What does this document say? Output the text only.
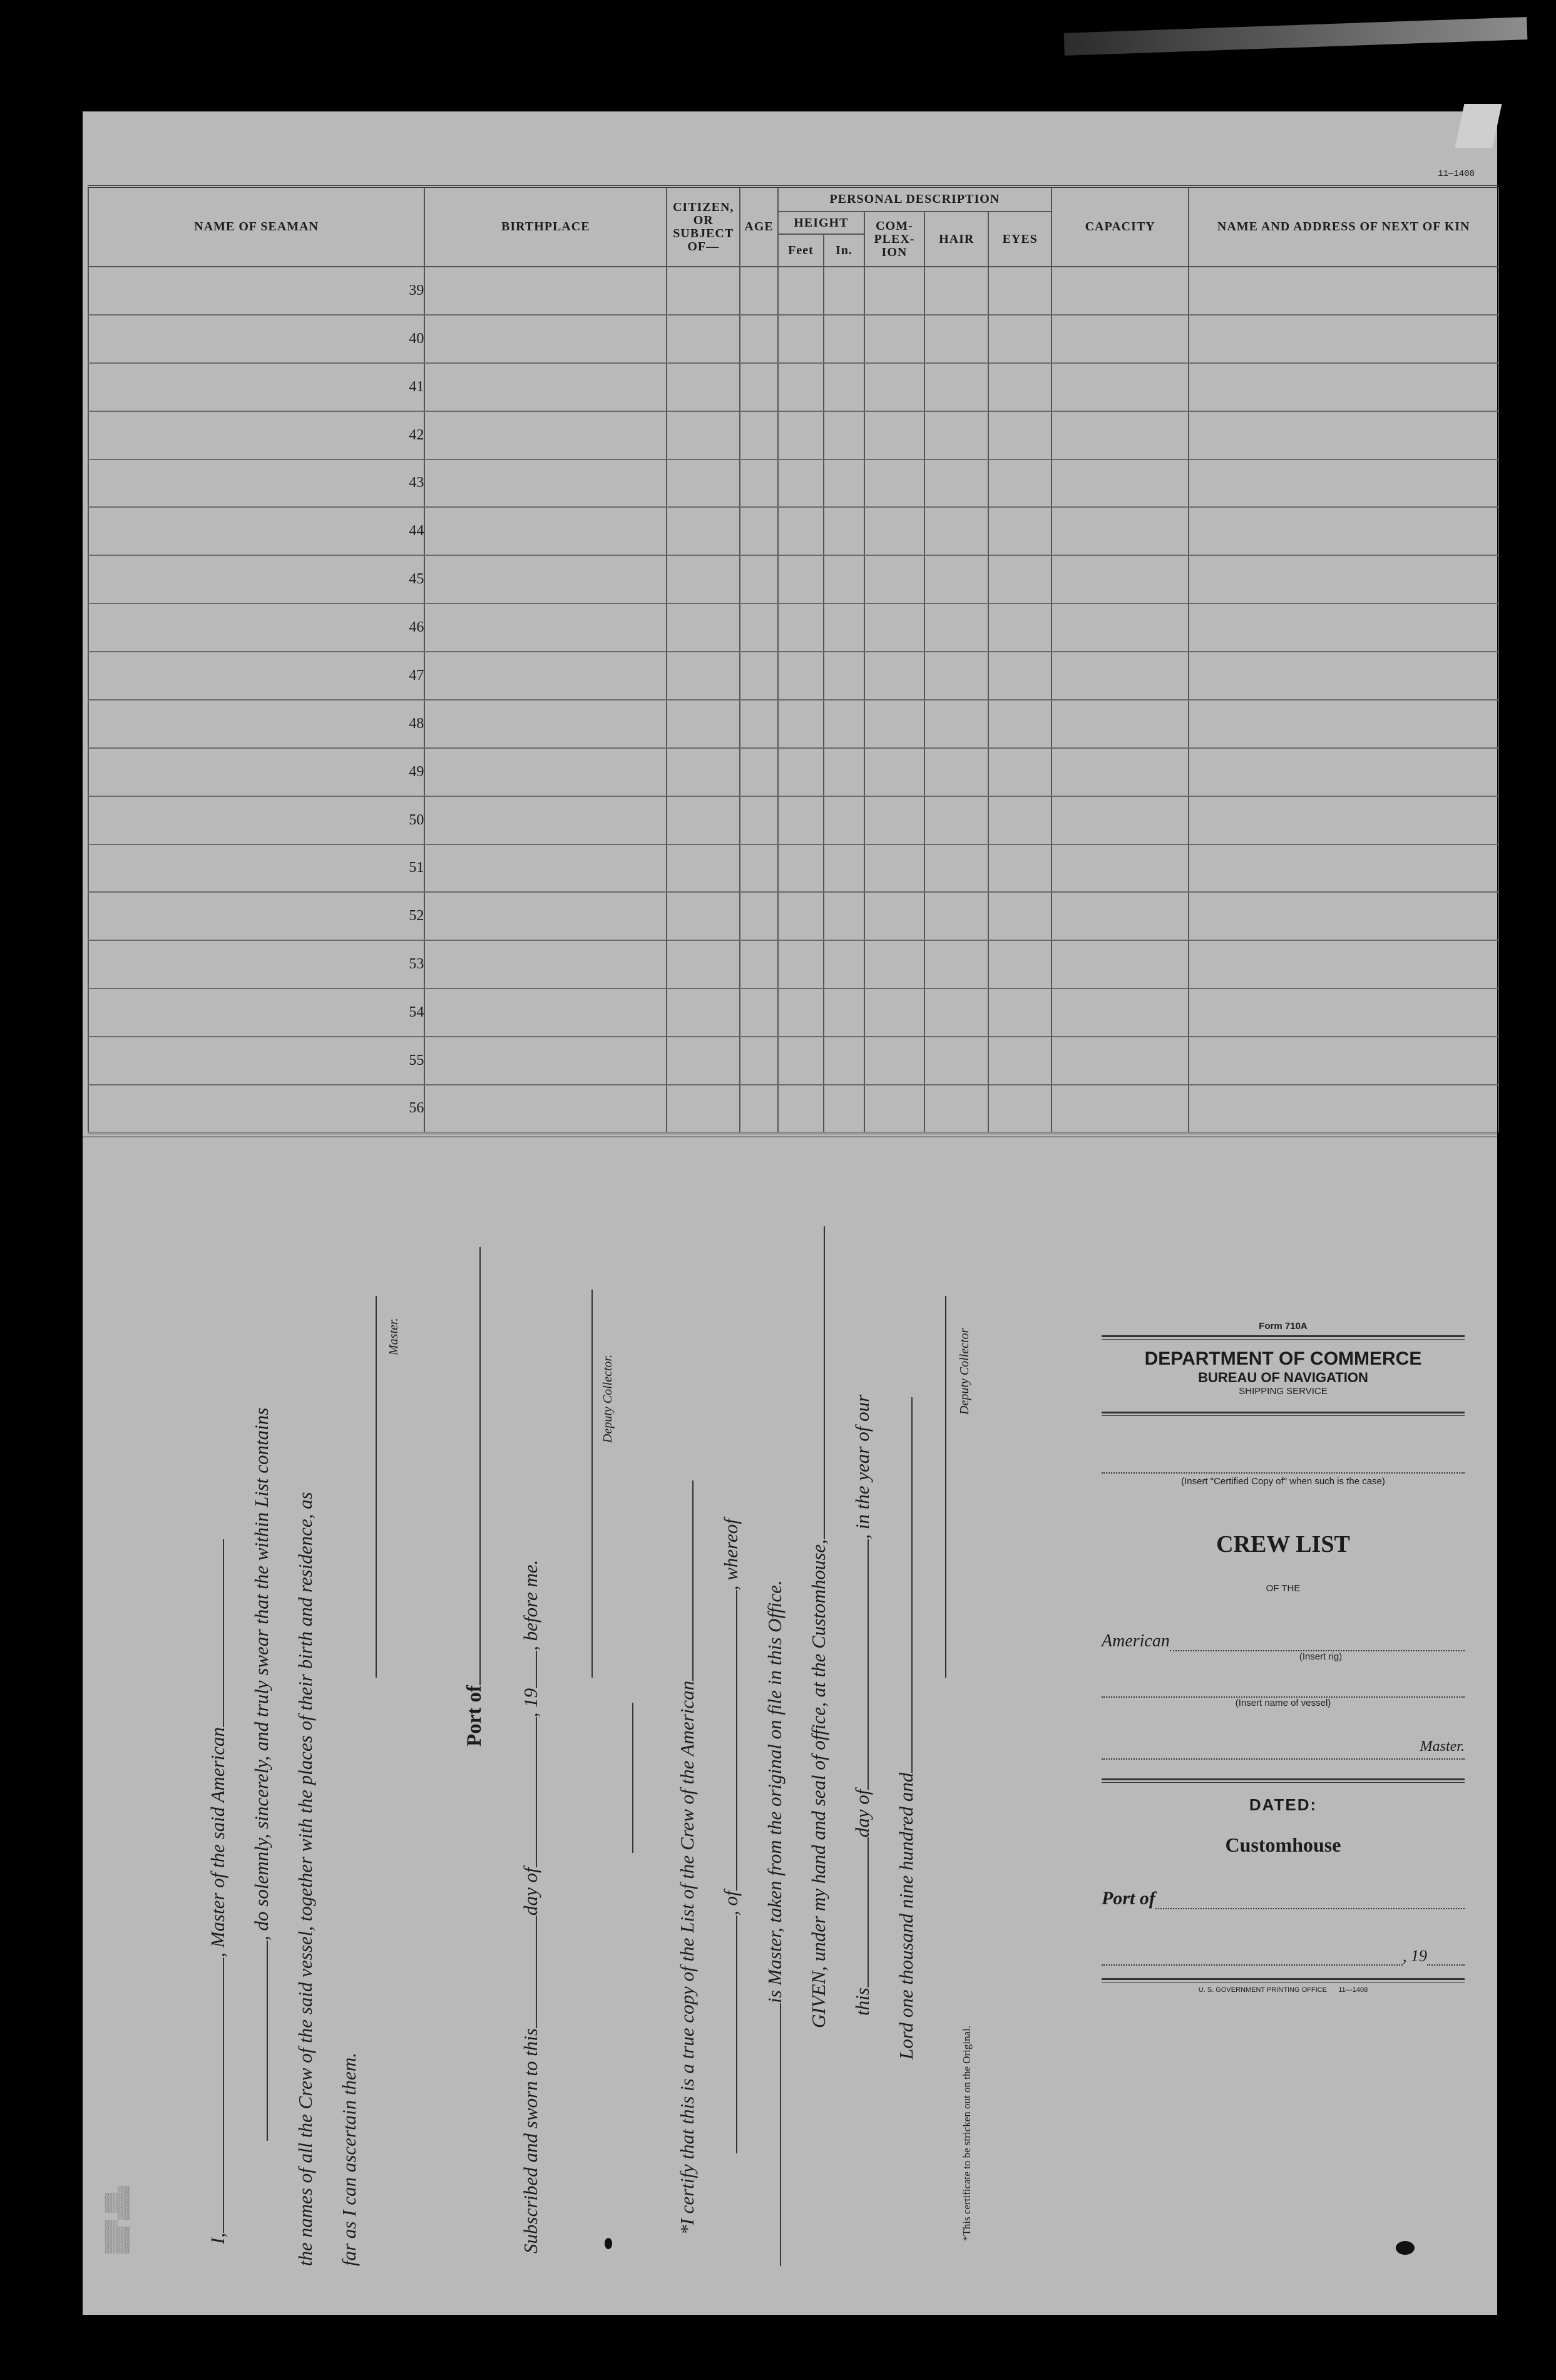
11—1408
NAME OF SEAMAN	BIRTHPLACE	CITIZEN, OR SUBJECT OF—	AGE	PERSONAL DESCRIPTION					CAPACITY	NAME AND ADDRESS OF NEXT OF KIN
				HEIGHT		COM- PLEX- ION	HAIR	EYES		
				Feet	In.					
39										
40										
41										
42										
43										
44										
45										
46										
47										
48										
49										
50										
51										
52										
53										
54										
55										
56										
I,, Master of the said American , do solemnly, sincerely, and truly swear that the within List contains the names of all the Crew of the said vessel, together with the places of their birth and residence, as far as I can ascertain them.
Master.
Port of
Subscribed and sworn to thisday of, 19, before me.
Deputy Collector.
*I certify that this is a true copy of the List of the Crew of the American , of, whereof
is Master, taken from the original on file in this Office. GIVEN, under my hand and seal of office, at the Customhouse, thisday of, in the year of our
Lord one thousand nine hundred and
Deputy Collector
*This certificate to be stricken out on the Original.
▒▒▒▒▒ ▒▒▒
▒▒▒▒ ▒▒▒▒▒
Form 710A
DEPARTMENT OF COMMERCE
BUREAU OF NAVIGATION
SHIPPING SERVICE
(Insert "Certified Copy of" when such is the case)
CREW LIST
OF THE
American
(Insert rig)
(Insert name of vessel)
Master.
DATED:
Customhouse
Port of
, 19
U. S. GOVERNMENT PRINTING OFFICE 11—1408
